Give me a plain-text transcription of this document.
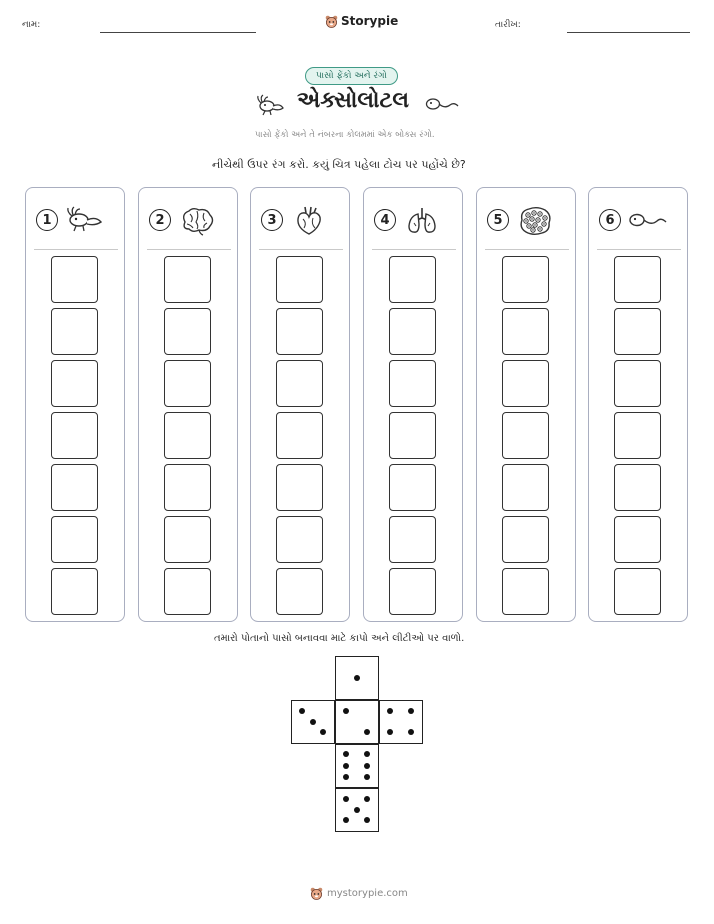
નામ:	Storypie	તારીખ:
પાસો ફેંકો અને રંગો
એક્સોલોટલ
પાસો ફેંકો અને તે નંબરના કોલમમાં એક બોક્સ રંગો.
નીચેથી ઉપર રંગ કરો. કયું ચિત્ર પહેલા ટોચ પર પહોંચે છે?
1	2	3	4	5	6
તમારો પોતાનો પાસો બનાવવા માટે કાપો અને લીટીઓ પર વાળો.
mystorypie.com
